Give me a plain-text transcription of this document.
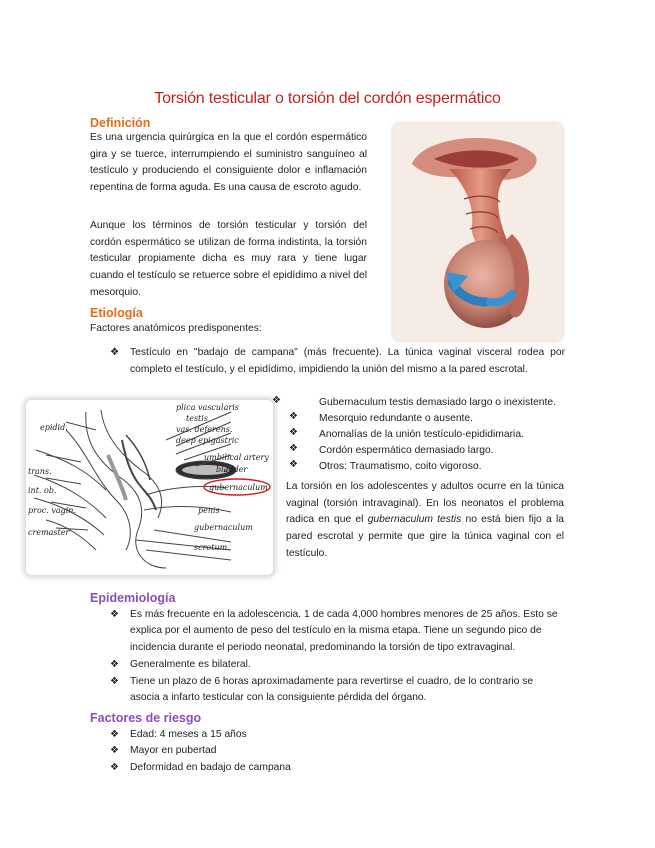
Torsión testicular o torsión del cordón espermático
Definición
Es una urgencia quirúrgica en la que el cordón espermático gira y se tuerce, interrumpiendo el suministro sanguíneo al testículo y produciendo el consiguiente dolor e inflamación repentina de forma aguda. Es una causa de escroto agudo.
Aunque los términos de torsión testicular y torsión del cordón espermático se utilizan de forma indistinta, la torsión testicular propiamente dicha es muy rara y tiene lugar cuando el testículo se retuerce sobre el epidídimo a nivel del mesorquio.
Etiología
Factores anatómicos predisponentes:
❖ Testículo en "badajo de campana" (más frecuente). La túnica vaginal visceral rodea por completo el testículo, y el epidídimo, impidiendo la unión del mismo a la pared escrotal.
plica vascularis
testis
vas. deferens.
deep epigastric
umbilical artery
bladder
gubernaculum
penis
gubernaculum
scrotum.
epidid.
trans.
int. ob.
proc. vagin.
cremaster
❖	Gubernaculum testis demasiado largo o inexistente.
❖ Mesorquio redundante o ausente.
❖ Anomalías de la unión testículo-epididimaria.
❖ Cordón espermático demasiado largo.
❖ Otros: Traumatismo, coito vigoroso.
La torsión en los adolescentes y adultos ocurre en la túnica vaginal (torsión intravaginal). En los neonatos el problema radica en que el gubernaculum testis no está bien fijo a la pared escrotal y permite que gire la túnica vaginal con el testículo.
Epidemiología
❖ Es más frecuente en la adolescencia. 1 de cada 4,000 hombres menores de 25 años. Esto se explica por el aumento de peso del testículo en la misma etapa. Tiene un segundo pico de incidencia durante el periodo neonatal, predominando la torsión de tipo extravaginal.
❖ Generalmente es bilateral.
❖ Tiene un plazo de 6 horas aproximadamente para revertirse el cuadro, de lo contrario se asocia a infarto testicular con la consiguiente pérdida del órgano.
Factores de riesgo
❖ Edad: 4 meses a 15 años
❖ Mayor en pubertad
❖ Deformidad en badajo de campana
